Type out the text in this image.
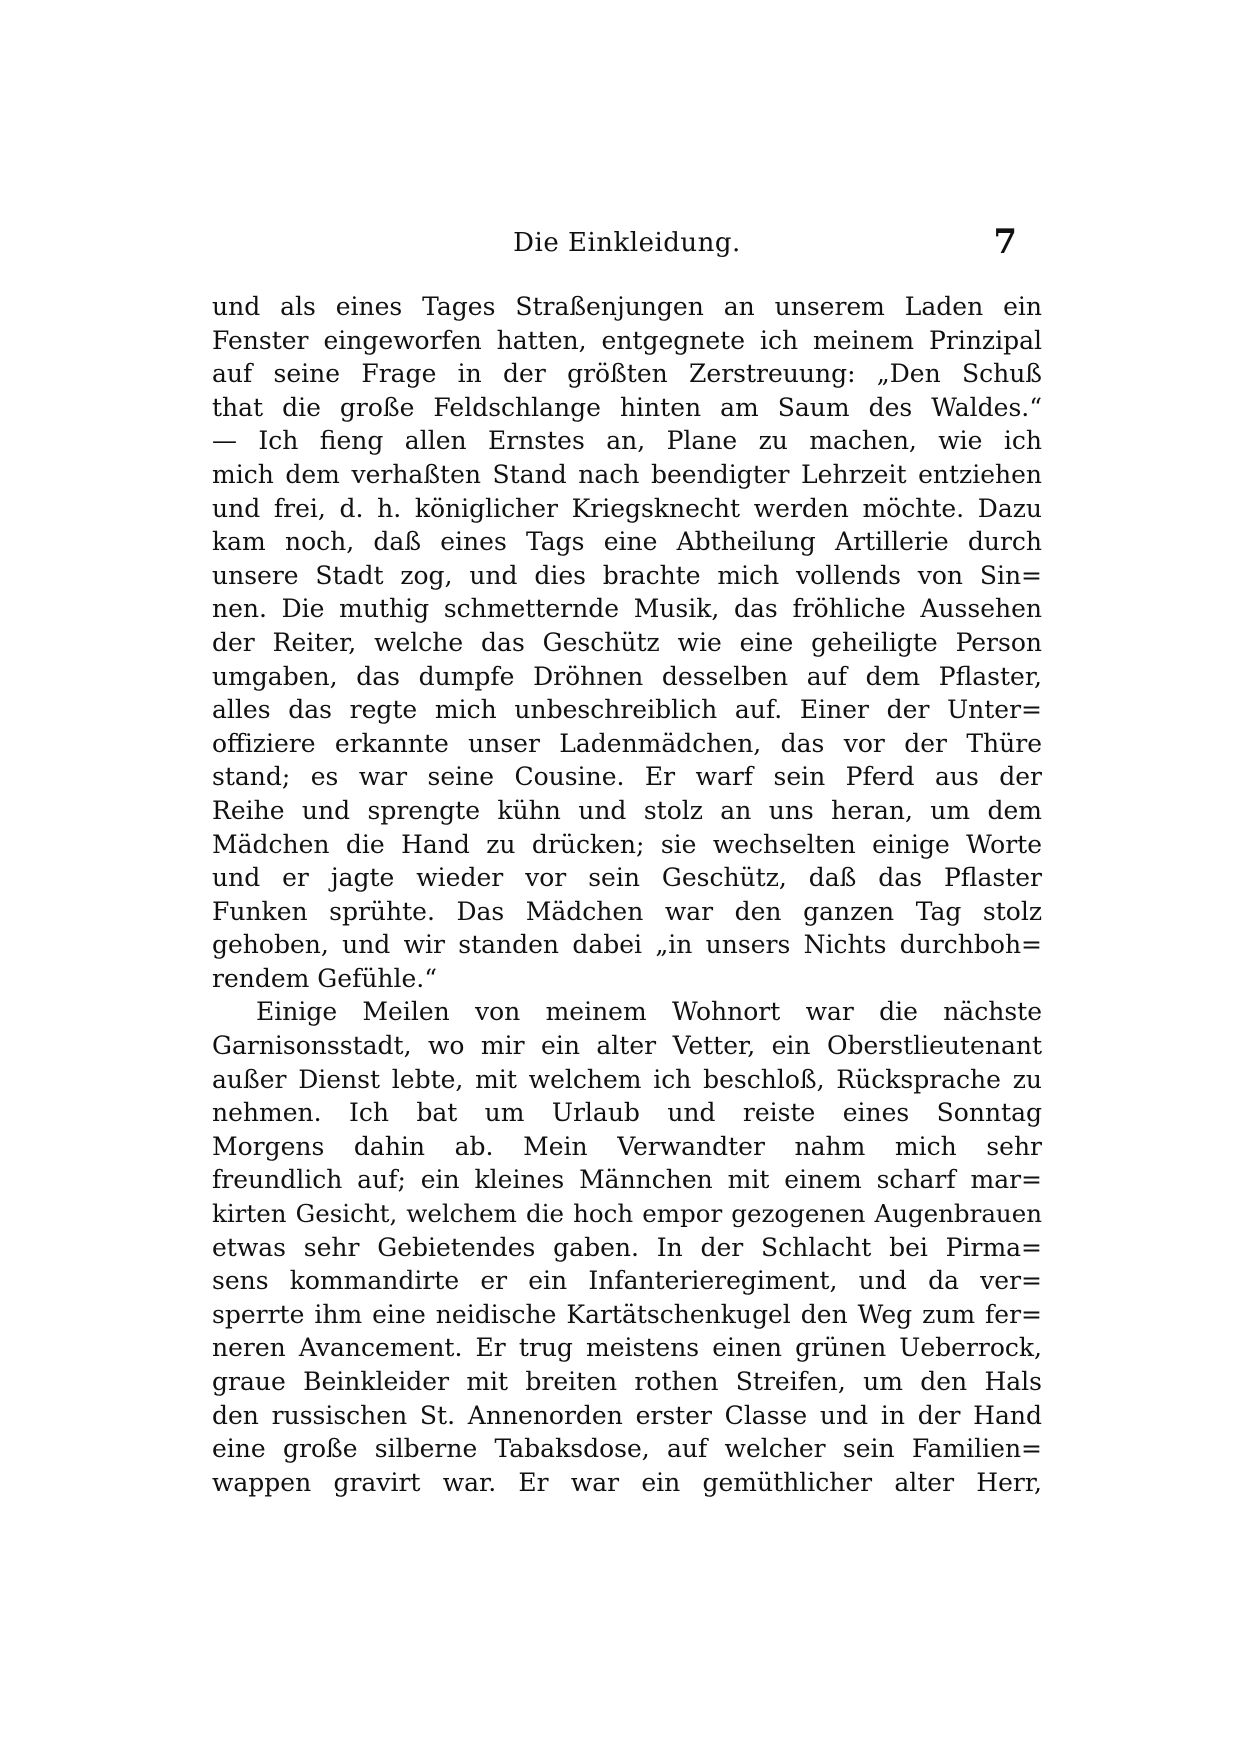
Die Einkleidung.	7
und als eines Tages Straßenjungen an unserem Laden ein
Fenster eingeworfen hatten, entgegnete ich meinem Prinzipal
auf seine Frage in der größten Zerstreuung: „Den Schuß
that die große Feldschlange hinten am Saum des Waldes.“
— Ich fieng allen Ernstes an, Plane zu machen, wie ich
mich dem verhaßten Stand nach beendigter Lehrzeit entziehen
und frei, d. h. königlicher Kriegsknecht werden möchte. Dazu
kam noch, daß eines Tags eine Abtheilung Artillerie durch
unsere Stadt zog, und dies brachte mich vollends von Sin=
nen. Die muthig schmetternde Musik, das fröhliche Aussehen
der Reiter, welche das Geschütz wie eine geheiligte Person
umgaben, das dumpfe Dröhnen desselben auf dem Pflaster,
alles das regte mich unbeschreiblich auf. Einer der Unter=
offiziere erkannte unser Ladenmädchen, das vor der Thüre
stand; es war seine Cousine. Er warf sein Pferd aus der
Reihe und sprengte kühn und stolz an uns heran, um dem
Mädchen die Hand zu drücken; sie wechselten einige Worte
und er jagte wieder vor sein Geschütz, daß das Pflaster
Funken sprühte. Das Mädchen war den ganzen Tag stolz
gehoben, und wir standen dabei „in unsers Nichts durchboh=
rendem Gefühle.“
Einige Meilen von meinem Wohnort war die nächste
Garnisonsstadt, wo mir ein alter Vetter, ein Oberstlieutenant
außer Dienst lebte, mit welchem ich beschloß, Rücksprache zu
nehmen. Ich bat um Urlaub und reiste eines Sonntag
Morgens dahin ab. Mein Verwandter nahm mich sehr
freundlich auf; ein kleines Männchen mit einem scharf mar=
kirten Gesicht, welchem die hoch empor gezogenen Augenbrauen
etwas sehr Gebietendes gaben. In der Schlacht bei Pirma=
sens kommandirte er ein Infanterieregiment, und da ver=
sperrte ihm eine neidische Kartätschenkugel den Weg zum fer=
neren Avancement. Er trug meistens einen grünen Ueberrock,
graue Beinkleider mit breiten rothen Streifen, um den Hals
den russischen St. Annenorden erster Classe und in der Hand
eine große silberne Tabaksdose, auf welcher sein Familien=
wappen gravirt war. Er war ein gemüthlicher alter Herr,
